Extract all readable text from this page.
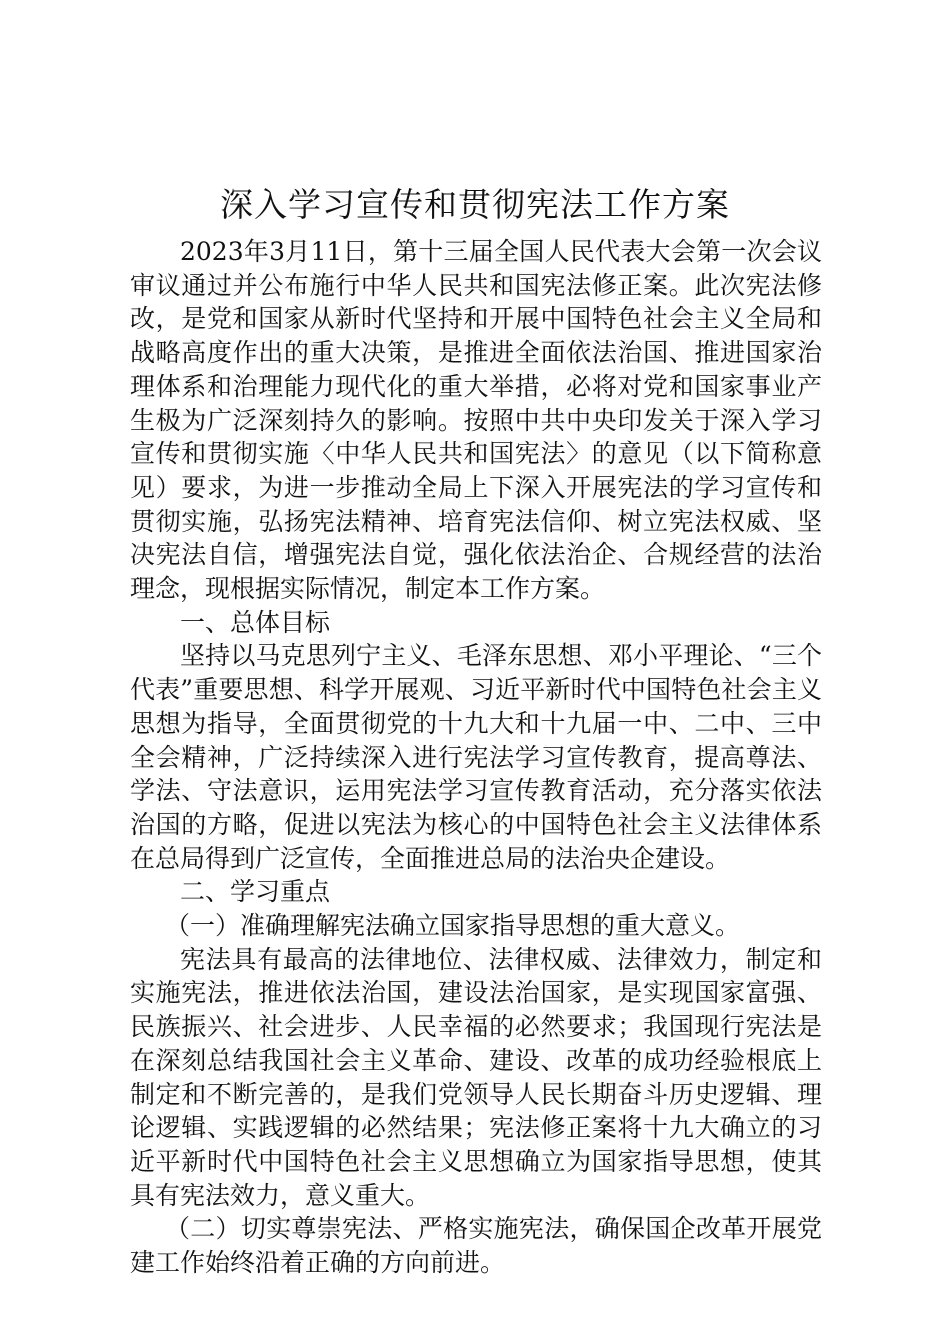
深入学习宣传和贯彻宪法工作方案

2023年3月11日，第十三届全国人民代表大会第一次会议审议通过并公布施行中华人民共和国宪法修正案。此次宪法修改，是党和国家从新时代坚持和开展中国特色社会主义全局和战略高度作出的重大决策，是推进全面依法治国、推进国家治理体系和治理能力现代化的重大举措，必将对党和国家事业产生极为广泛深刻持久的影响。按照中共中央印发关于深入学习宣传和贯彻实施〈中华人民共和国宪法〉的意见（以下简称意见）要求，为进一步推动全局上下深入开展宪法的学习宣传和贯彻实施，弘扬宪法精神、培育宪法信仰、树立宪法权威、坚决宪法自信，增强宪法自觉，强化依法治企、合规经营的法治理念，现根据实际情况，制定本工作方案。

一、总体目标

坚持以马克思列宁主义、毛泽东思想、邓小平理论、“三个代表”重要思想、科学开展观、习近平新时代中国特色社会主义思想为指导，全面贯彻党的十九大和十九届一中、二中、三中全会精神，广泛持续深入进行宪法学习宣传教育，提高尊法、学法、守法意识，运用宪法学习宣传教育活动，充分落实依法治国的方略，促进以宪法为核心的中国特色社会主义法律体系在总局得到广泛宣传，全面推进总局的法治央企建设。

二、学习重点

（一）准确理解宪法确立国家指导思想的重大意义。

宪法具有最高的法律地位、法律权威、法律效力，制定和实施宪法，推进依法治国，建设法治国家，是实现国家富强、民族振兴、社会进步、人民幸福的必然要求；我国现行宪法是在深刻总结我国社会主义革命、建设、改革的成功经验根底上制定和不断完善的，是我们党领导人民长期奋斗历史逻辑、理论逻辑、实践逻辑的必然结果；宪法修正案将十九大确立的习近平新时代中国特色社会主义思想确立为国家指导思想，使其具有宪法效力，意义重大。

（二）切实尊崇宪法、严格实施宪法，确保国企改革开展党建工作始终沿着正确的方向前进。
